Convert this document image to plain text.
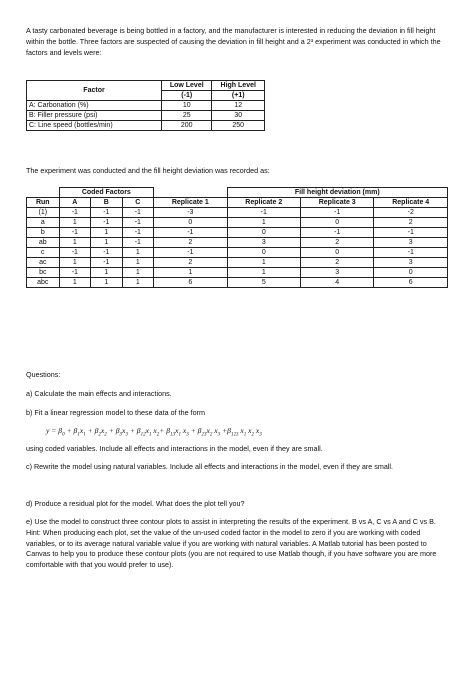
A tasty carbonated beverage is being bottled in a factory, and the manufacturer is interested in reducing the deviation in fill height within the bottle. Three factors are suspected of causing the deviation in fill height and a 2³ experiment was conducted in which the factors and levels were:
Factor	Low Level	High Level
	(-1)	(+1)
A: Carbonation (%)	10	12
B: Filler pressure (psi)	25	30
C: Line speed (bottles/min)	200	250
The experiment was conducted and the fill height deviation was recorded as:
	Coded Factors				Fill height deviation (mm)		
Run	A	B	C	Replicate 1	Replicate 2	Replicate 3	Replicate 4
(1)	-1	-1	-1	-3	-1	-1	-2
a	1	-1	-1	0	1	0	2
b	-1	1	-1	-1	0	-1	-1
ab	1	1	-1	2	3	2	3
c	-1	-1	1	-1	0	0	-1
ac	1	-1	1	2	1	2	3
bc	-1	1	1	1	1	3	0
abc	1	1	1	6	5	4	6
Questions:
a) Calculate the main effects and interactions.
b) Fit a linear regression model to these data of the form
$y = \beta_0 + \beta_1x_1 + \beta_2x_2 + \beta_3x_3 + \beta_{12}x_1$ $x_2+ \beta_{13}x_1$ $x_3 + \beta_{23}x_2$ $x_3 +\beta_{123}$ $x_1$ $x_2$ $x_3$
using coded variables. Include all effects and interactions in the model, even if they are small.
c) Rewrite the model using natural variables. Include all effects and interactions in the model, even if they are small.
d) Produce a residual plot for the model. What does the plot tell you?
e) Use the model to construct three contour plots to assist in interpreting the results of the experiment. B vs A, C vs A and C vs B. Hint: When producing each plot, set the value of the un-used coded factor in the model to zero if you are working with coded variables, or to its average natural variable value if you are working with natural variables. A Matlab tutorial has been posted to Canvas to help you to produce these contour plots (you are not required to use Matlab though, if you have software you are more comfortable with that you would prefer to use).
